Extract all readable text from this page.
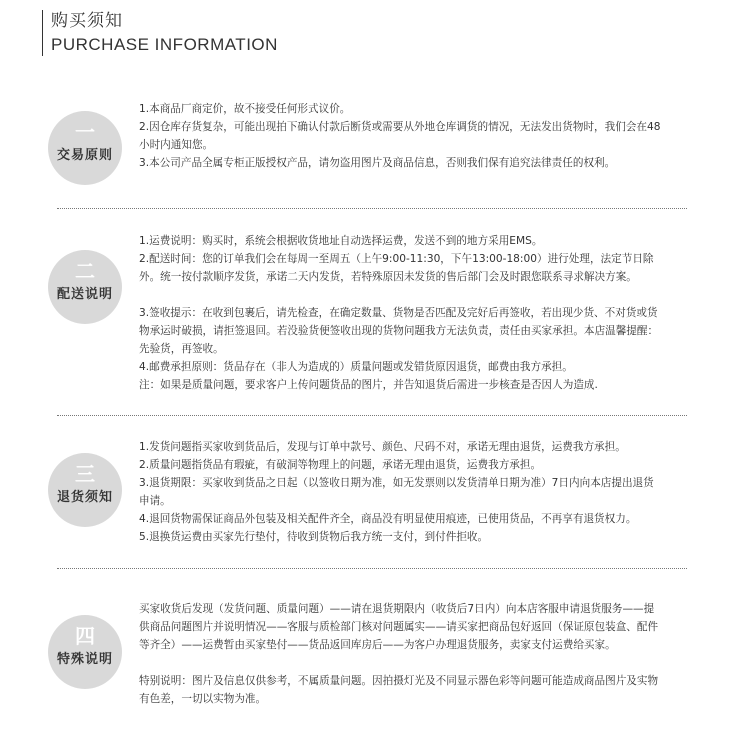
购买须知
PURCHASE INFORMATION
一
交易原则

1.本商品厂商定价，故不接受任何形式议价。

2.因仓库存货复杂，可能出现拍下确认付款后断货或需要从外地仓库调货的情况，无法发出货物时，我们会在48

小时内通知您。

3.本公司产品全属专柜正版授权产品，请勿盗用图片及商品信息，否则我们保有追究法律责任的权利。

二
配送说明

1.运费说明：购买时，系统会根据收货地址自动选择运费，发送不到的地方采用EMS。

2.配送时间：您的订单我们会在每周一至周五（上午9:00-11:30，下午13:00-18:00）进行处理，法定节日除

外。统一按付款顺序发货，承诺二天内发货，若特殊原因未发货的售后部门会及时跟您联系寻求解决方案。

3.签收提示：在收到包裹后，请先检查，在确定数量、货物是否匹配及完好后再签收，若出现少货、不对货或货

物承运时破损，请拒签退回。若没验货便签收出现的货物问题我方无法负责，责任由买家承担。本店温馨提醒：

先验货，再签收。

4.邮费承担原则：货品存在（非人为造成的）质量问题或发错货原因退货，邮费由我方承担。

注：如果是质量问题，要求客户上传问题货品的图片，并告知退货后需进一步核查是否因人为造成.

三
退货须知

1.发货问题指买家收到货品后，发现与订单中款号、颜色、尺码不对，承诺无理由退货，运费我方承担。

2.质量问题指货品有瑕疵，有破洞等物理上的问题，承诺无理由退货，运费我方承担。

3.退货期限：买家收到货品之日起（以签收日期为准，如无发票则以发货清单日期为准）7日内向本店提出退货

申请。

4.退回货物需保证商品外包装及相关配件齐全，商品没有明显使用痕迹，已使用货品，不再享有退货权力。

5.退换货运费由买家先行垫付，待收到货物后我方统一支付，到付件拒收。

四
特殊说明

买家收货后发现（发货问题、质量问题）——请在退货期限内（收货后7日内）向本店客服申请退货服务——提

供商品问题图片并说明情况——客服与质检部门核对问题属实——请买家把商品包好返回（保证原包装盒、配件

等齐全）——运费暂由买家垫付——货品返回库房后——为客户办理退货服务，卖家支付运费给买家。

特别说明：图片及信息仅供参考，不属质量问题。因拍摄灯光及不同显示器色彩等问题可能造成商品图片及实物

有色差，一切以实物为准。
